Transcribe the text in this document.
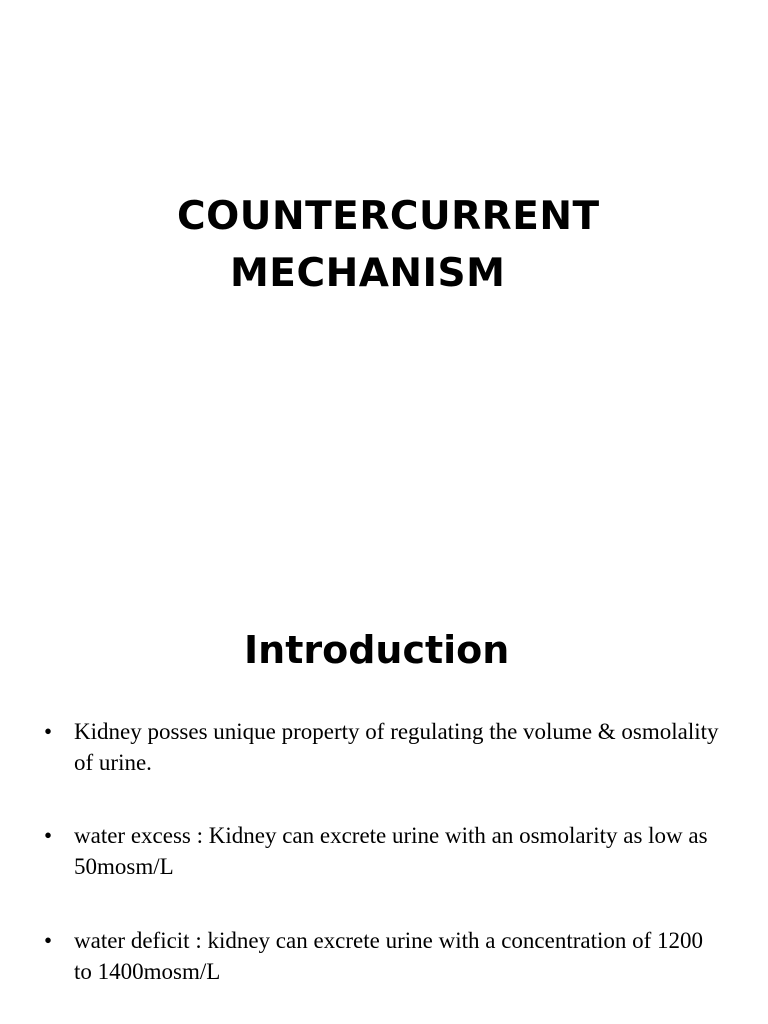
COUNTERCURRENT
MECHANISM
Introduction
• Kidney posses unique property of regulating the volume & osmolality of urine.
• water excess : Kidney can excrete urine with an osmolarity as low as 50mosm/L
• water deficit : kidney can excrete urine with a concentration of 1200 to 1400mosm/L
